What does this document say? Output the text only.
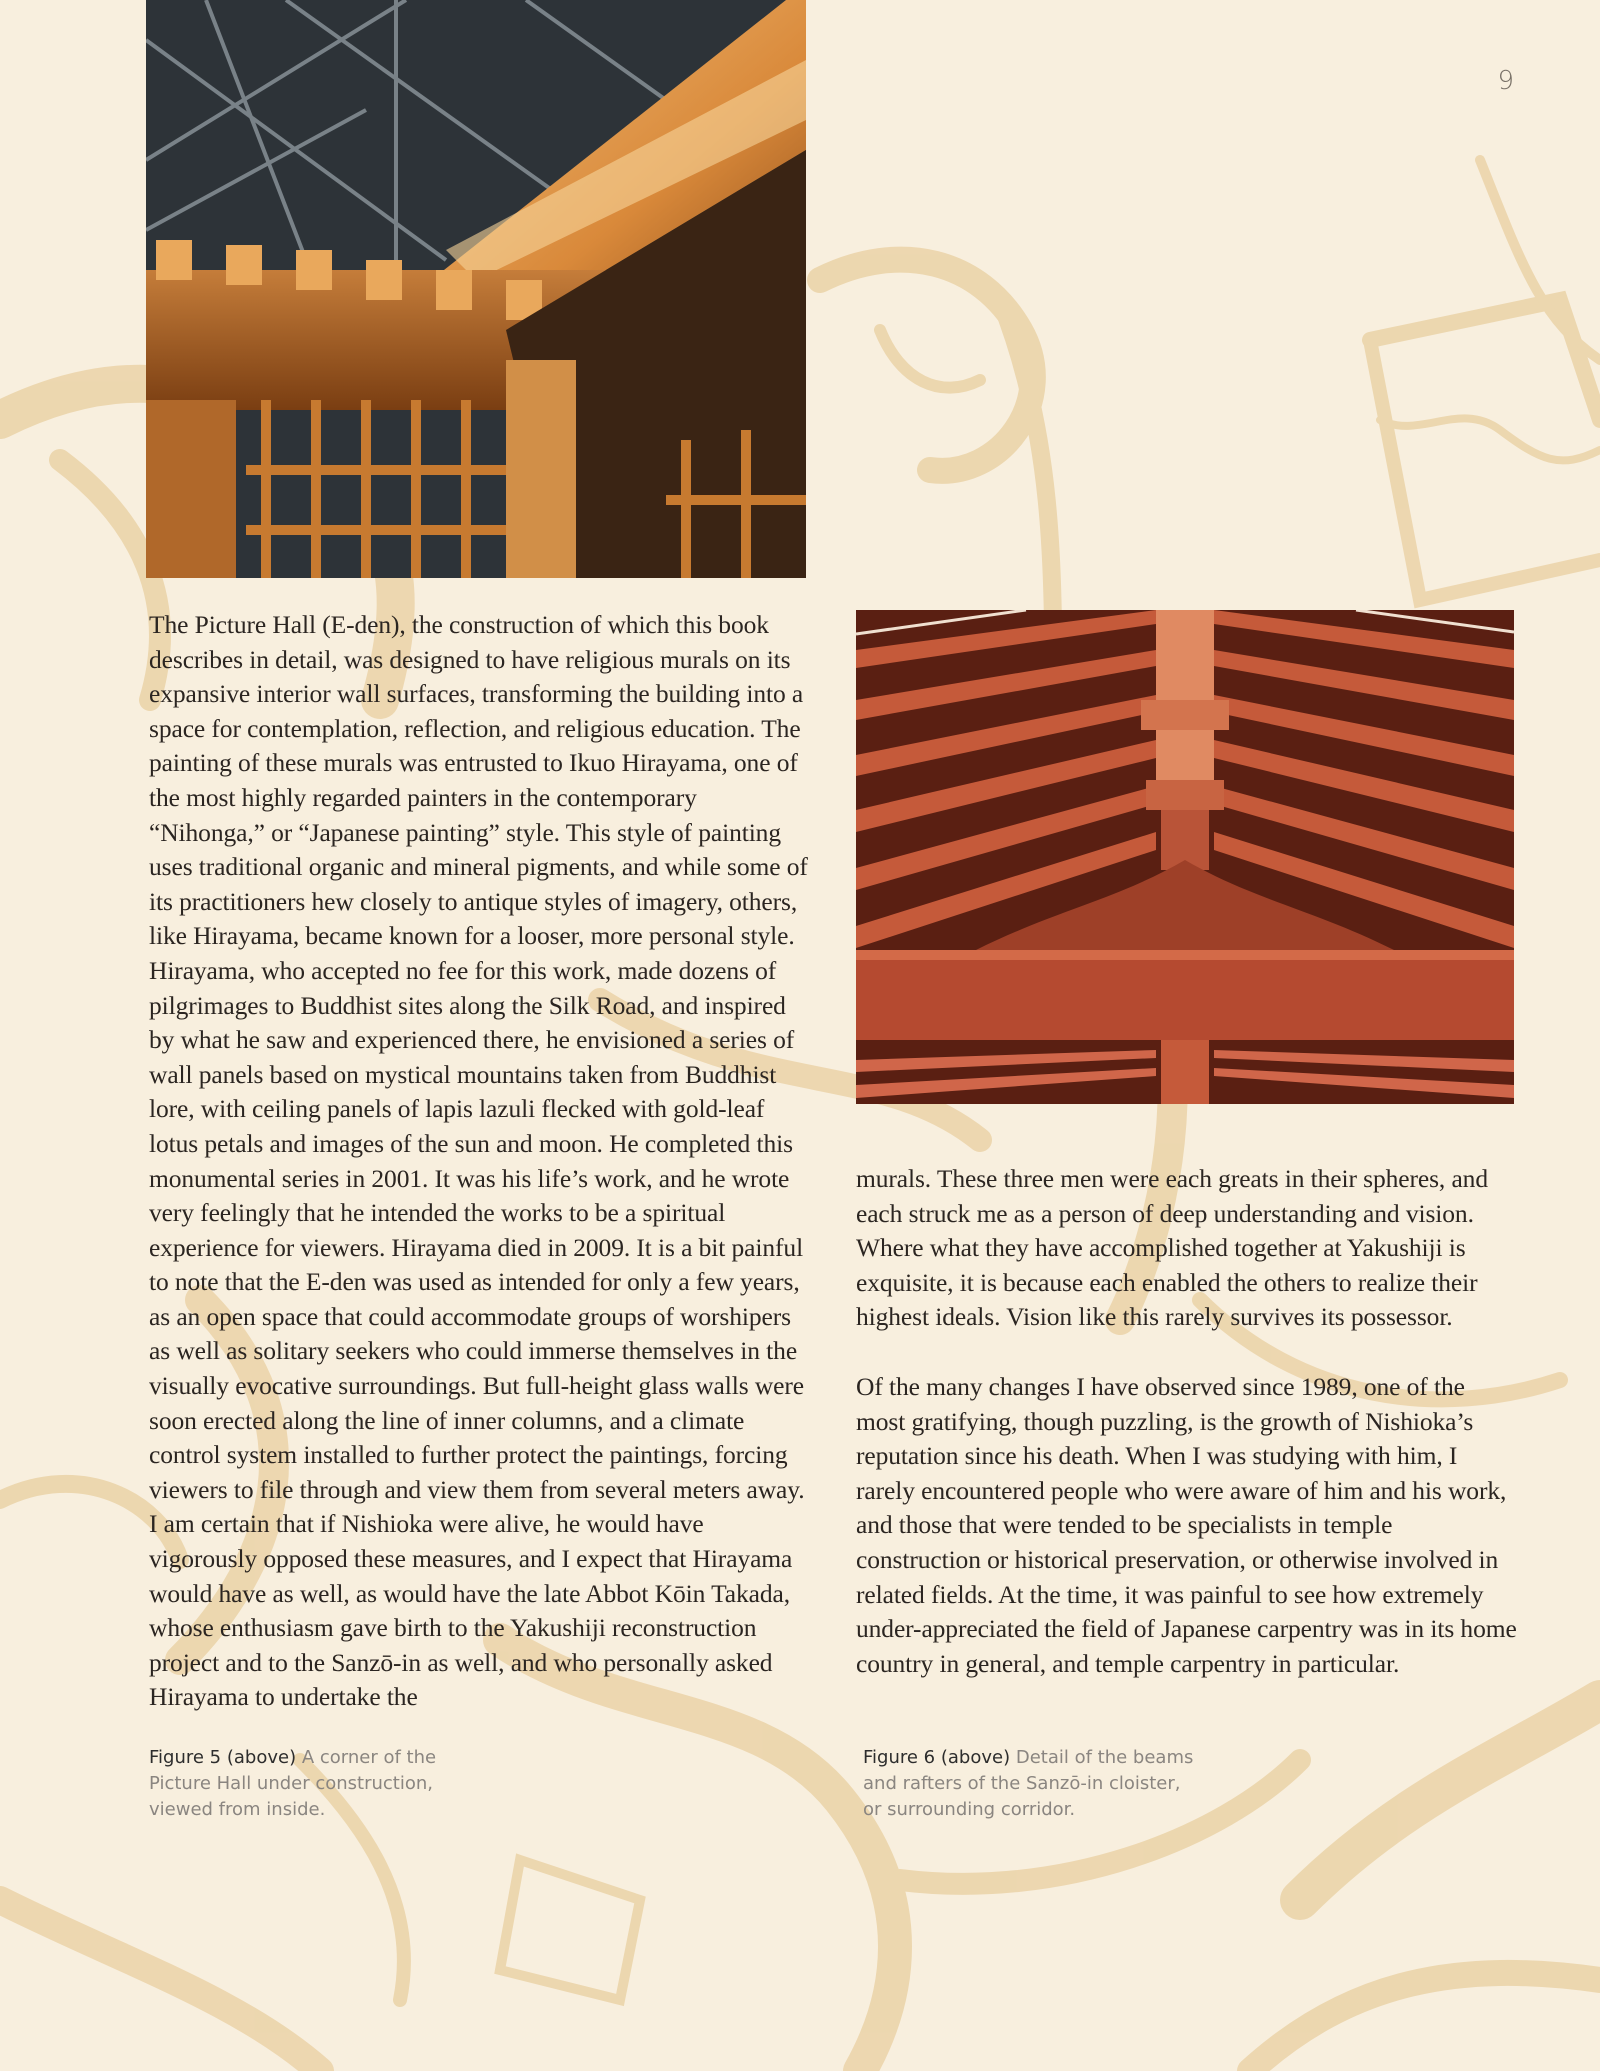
9

The Picture Hall (E-den), the construction of which this book describes in detail, was designed to have religious murals on its expansive interior wall surfaces, transforming the building into a space for contemplation, reflection, and religious education. The painting of these murals was entrusted to Ikuo Hirayama, one of the most highly regarded painters in the contemporary “Nihonga,” or “Japanese painting” style. This style of painting uses traditional organic and mineral pigments, and while some of its practitioners hew closely to antique styles of imagery, others, like Hirayama, became known for a looser, more personal style. Hirayama, who accepted no fee for this work, made dozens of pilgrimages to Buddhist sites along the Silk Road, and inspired by what he saw and experienced there, he envisioned a series of wall panels based on mystical mountains taken from Buddhist lore, with ceiling panels of lapis lazuli flecked with gold-leaf lotus petals and images of the sun and moon. He completed this monumental series in 2001. It was his life’s work, and he wrote very feelingly that he intended the works to be a spiritual experience for viewers. Hirayama died in 2009. It is a bit painful to note that the E-den was used as intended for only a few years, as an open space that could accommodate groups of worshipers as well as solitary seekers who could immerse themselves in the visually evocative surroundings. But full-height glass walls were soon erected along the line of inner columns, and a climate control system installed to further protect the paintings, forcing viewers to file through and view them from several meters away. I am certain that if Nishioka were alive, he would have vigorously opposed these measures, and I expect that Hirayama would have as well, as would have the late Abbot Kōin Takada, whose enthusiasm gave birth to the Yakushiji reconstruction project and to the Sanzō-in as well, and who personally asked Hirayama to undertake the

murals. These three men were each greats in their spheres, and each struck me as a person of deep understanding and vision. Where what they have accomplished together at Yakushiji is exquisite, it is because each enabled the others to realize their highest ideals. Vision like this rarely survives its possessor.

Of the many changes I have observed since 1989, one of the most gratifying, though puzzling, is the growth of Nishioka’s reputation since his death. When I was studying with him, I rarely encountered people who were aware of him and his work, and those that were tended to be specialists in temple construction or historical preservation, or otherwise involved in related fields. At the time, it was painful to see how extremely under-appreciated the field of Japanese carpentry was in its home country in general, and temple carpentry in particular.

Figure 5 (above) A corner of the Picture Hall under construction, viewed from inside.

Figure 6 (above) Detail of the beams and rafters of the Sanzō-in cloister, or surrounding corridor.
